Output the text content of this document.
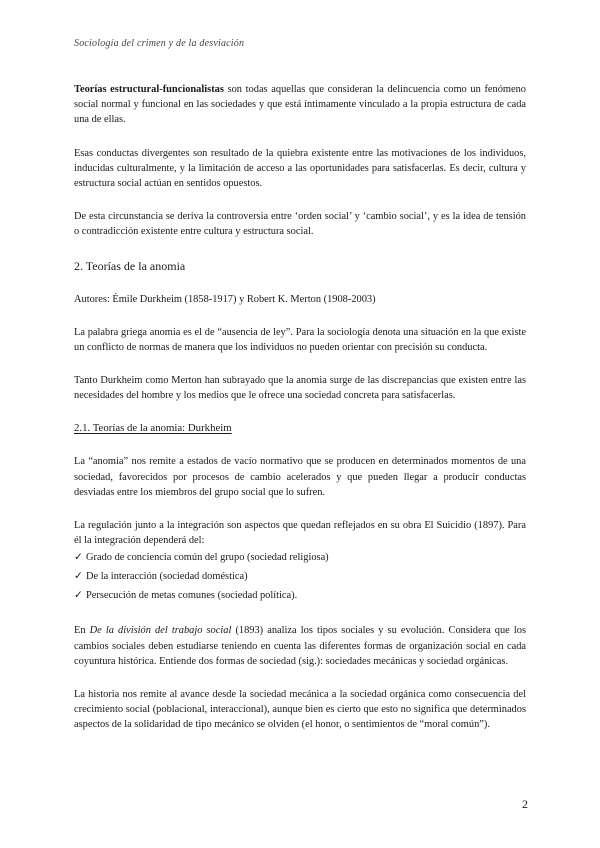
Sociología del crimen y de la desviación

Teorías estructural-funcionalistas son todas aquellas que consideran la delincuencia como un fenómeno social normal y funcional en las sociedades y que está íntimamente vinculado a la propia estructura de cada una de ellas.

Esas conductas divergentes son resultado de la quiebra existente entre las motivaciones de los individuos, inducidas culturalmente, y la limitación de acceso a las oportunidades para satisfacerlas. Es decir, cultura y estructura social actúan en sentidos opuestos.

De esta circunstancia se deriva la controversia entre ‘orden social’ y ‘cambio social’, y es la idea de tensión o contradicción existente entre cultura y estructura social.

2. Teorías de la anomia

Autores: Émile Durkheim (1858-1917) y Robert K. Merton (1908-2003)

La palabra griega anomia es el de “ausencia de ley”. Para la sociología denota una situación en la que existe un conflicto de normas de manera que los individuos no pueden orientar con precisión su conducta.

Tanto Durkheim como Merton han subrayado que la anomia surge de las discrepancias que existen entre las necesidades del hombre y los medios que le ofrece una sociedad concreta para satisfacerlas.

2.1. Teorías de la anomia: Durkheim

La “anomia” nos remite a estados de vacío normativo que se producen en determinados momentos de una sociedad, favorecidos por procesos de cambio acelerados y que pueden llegar a producir conductas desviadas entre los miembros del grupo social que lo sufren.

La regulación junto a la integración son aspectos que quedan reflejados en su obra El Suicidio (1897). Para él la integración dependerá del:

✓ Grado de conciencia común del grupo (sociedad religiosa)
✓ De la interacción (sociedad doméstica)
✓ Persecución de metas comunes (sociedad política).

En De la división del trabajo social (1893) analiza los tipos sociales y su evolución. Considera que los cambios sociales deben estudiarse teniendo en cuenta las diferentes formas de organización social en cada coyuntura histórica. Entiende dos formas de sociedad (sig.): sociedades mecánicas y sociedad orgánicas.

La historia nos remite al avance desde la sociedad mecánica a la sociedad orgánica como consecuencia del crecimiento social (poblacional, interaccional), aunque bien es cierto que esto no significa que determinados aspectos de la solidaridad de tipo mecánico se olviden (el honor, o sentimientos de “moral común”).

2
